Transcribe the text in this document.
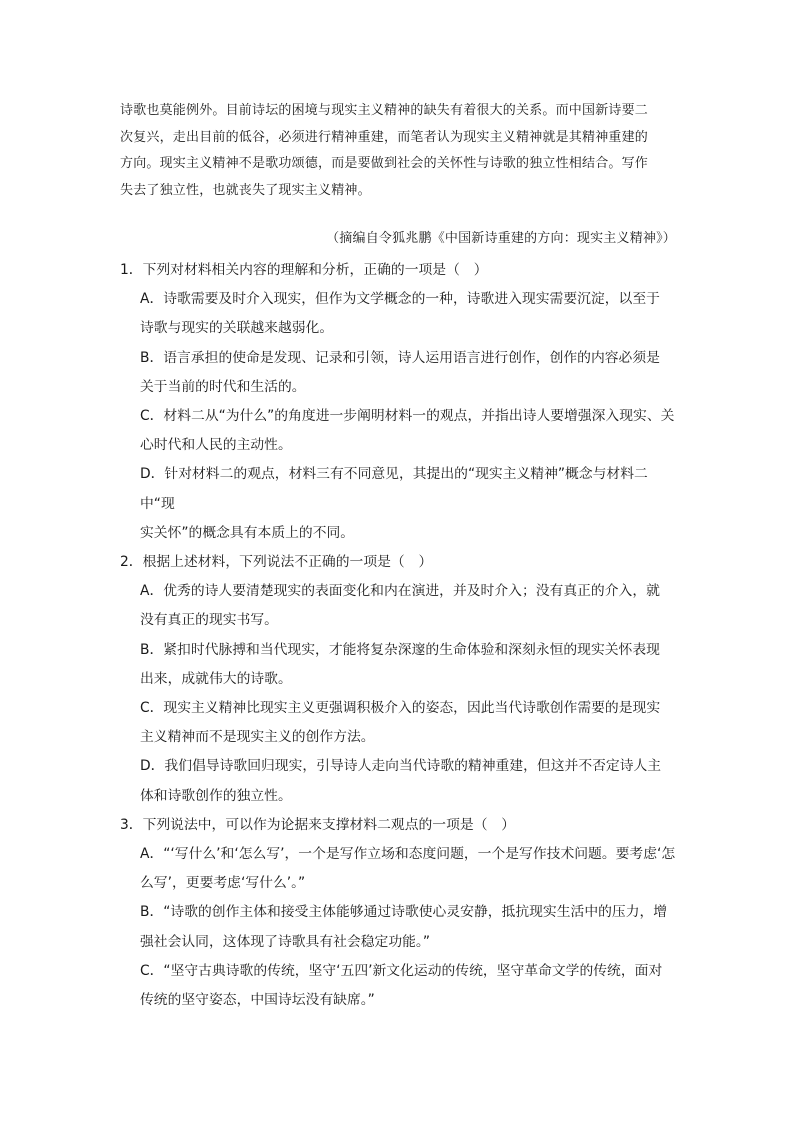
诗歌也莫能例外。目前诗坛的困境与现实主义精神的缺失有着很大的关系。而中国新诗要二

次复兴，走出目前的低谷，必须进行精神重建，而笔者认为现实主义精神就是其精神重建的

方向。现实主义精神不是歌功颂德，而是要做到社会的关怀性与诗歌的独立性相结合。写作

失去了独立性，也就丧失了现实主义精神。

（摘编自令狐兆鹏《中国新诗重建的方向：现实主义精神》）

1．下列对材料相关内容的理解和分析，正确的一项是（　）

A．诗歌需要及时介入现实，但作为文学概念的一种，诗歌进入现实需要沉淀，以至于
诗歌与现实的关联越来越弱化。

B．语言承担的使命是发现、记录和引领，诗人运用语言进行创作，创作的内容必须是
关于当前的时代和生活的。

C．材料二从“为什么”的角度进一步阐明材料一的观点，并指出诗人要增强深入现实、关
心时代和人民的主动性。

D．针对材料二的观点，材料三有不同意见，其提出的“现实主义精神”概念与材料二中“现
实关怀”的概念具有本质上的不同。

2．根据上述材料，下列说法不正确的一项是（　）

A．优秀的诗人要清楚现实的表面变化和内在演进，并及时介入；没有真正的介入，就
没有真正的现实书写。

B．紧扣时代脉搏和当代现实，才能将复杂深邃的生命体验和深刻永恒的现实关怀表现
出来，成就伟大的诗歌。

C．现实主义精神比现实主义更强调积极介入的姿态，因此当代诗歌创作需要的是现实
主义精神而不是现实主义的创作方法。

D．我们倡导诗歌回归现实，引导诗人走向当代诗歌的精神重建，但这并不否定诗人主
体和诗歌创作的独立性。

3．下列说法中，可以作为论据来支撑材料二观点的一项是（　）

A．“‘写什么’和‘怎么写’，一个是写作立场和态度问题，一个是写作技术问题。要考虑‘怎
么写’，更要考虑‘写什么’。”

B．“诗歌的创作主体和接受主体能够通过诗歌使心灵安静，抵抗现实生活中的压力，增
强社会认同，这体现了诗歌具有社会稳定功能。”

C．“坚守古典诗歌的传统，坚守‘五四’新文化运动的传统，坚守革命文学的传统，面对
传统的坚守姿态，中国诗坛没有缺席。”
